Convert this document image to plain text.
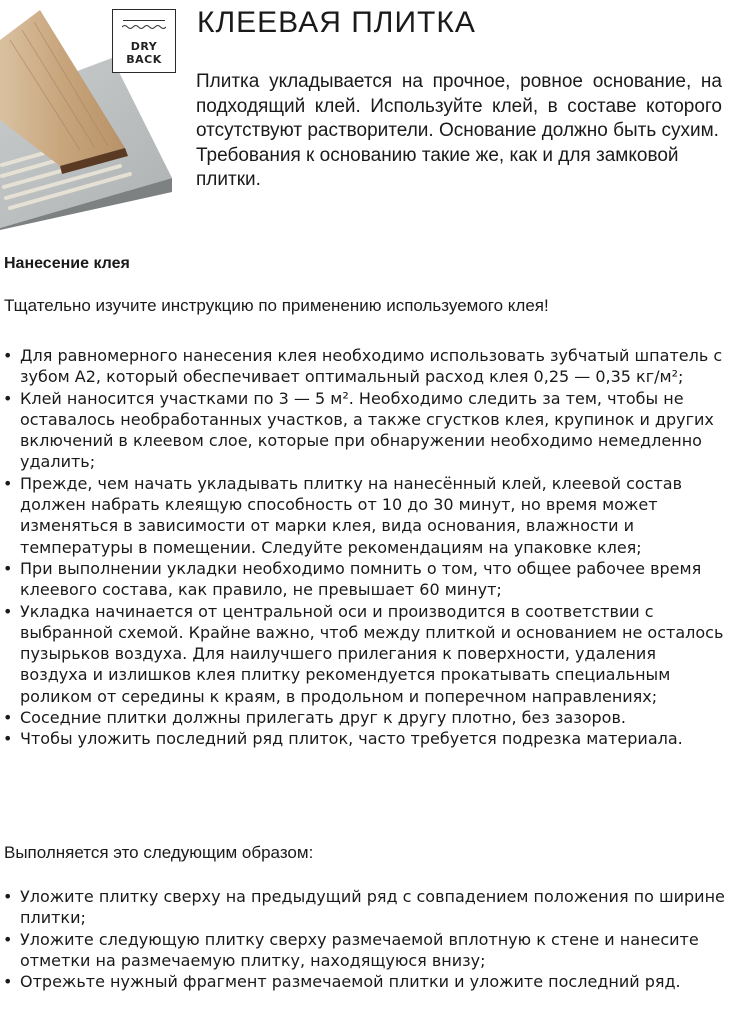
DRY
BACK
КЛЕЕВАЯ ПЛИТКА

Плитка укладывается на прочное, ровное основание, на подходящий клей. Используйте клей, в составе которого отсутствуют растворители. Основание должно быть сухим.

Требования к основанию такие же, как и для замковой плитки.

Нанесение клея

Тщательно изучите инструкцию по применению используемого клея!

• Для равномерного нанесения клея необходимо использовать зубчатый шпатель с зубом А2, который обеспечивает оптимальный расход клея 0,25 — 0,35 кг/м²;
• Клей наносится участками по 3 — 5 м². Необходимо следить за тем, чтобы не оставалось необработанных участков, а также сгустков клея, крупинок и других включений в клеевом слое, которые при обнаружении необходимо немедленно удалить;
• Прежде, чем начать укладывать плитку на нанесённый клей, клеевой состав должен набрать клеящую способность от 10 до 30 минут, но время может изменяться в зависимости от марки клея, вида основания, влажности и температуры в помещении. Следуйте рекомендациям на упаковке клея;
• При выполнении укладки необходимо помнить о том, что общее рабочее время клеевого состава, как правило, не превышает 60 минут;
• Укладка начинается от центральной оси и производится в соответствии с выбранной схемой. Крайне важно, чтоб между плиткой и основанием не осталось пузырьков воздуха. Для наилучшего прилегания к поверхности, удаления воздуха и излишков клея плитку рекомендуется прокатывать специальным роликом от середины к краям, в продольном и поперечном направлениях;
• Соседние плитки должны прилегать друг к другу плотно, без зазоров.
• Чтобы уложить последний ряд плиток, часто требуется подрезка материала.

Выполняется это следующим образом:

• Уложите плитку сверху на предыдущий ряд с совпадением положения по ширине плитки;
• Уложите следующую плитку сверху размечаемой вплотную к стене и нанесите отметки на размечаемую плитку, находящуюся внизу;
• Отрежьте нужный фрагмент размечаемой плитки и уложите последний ряд.
